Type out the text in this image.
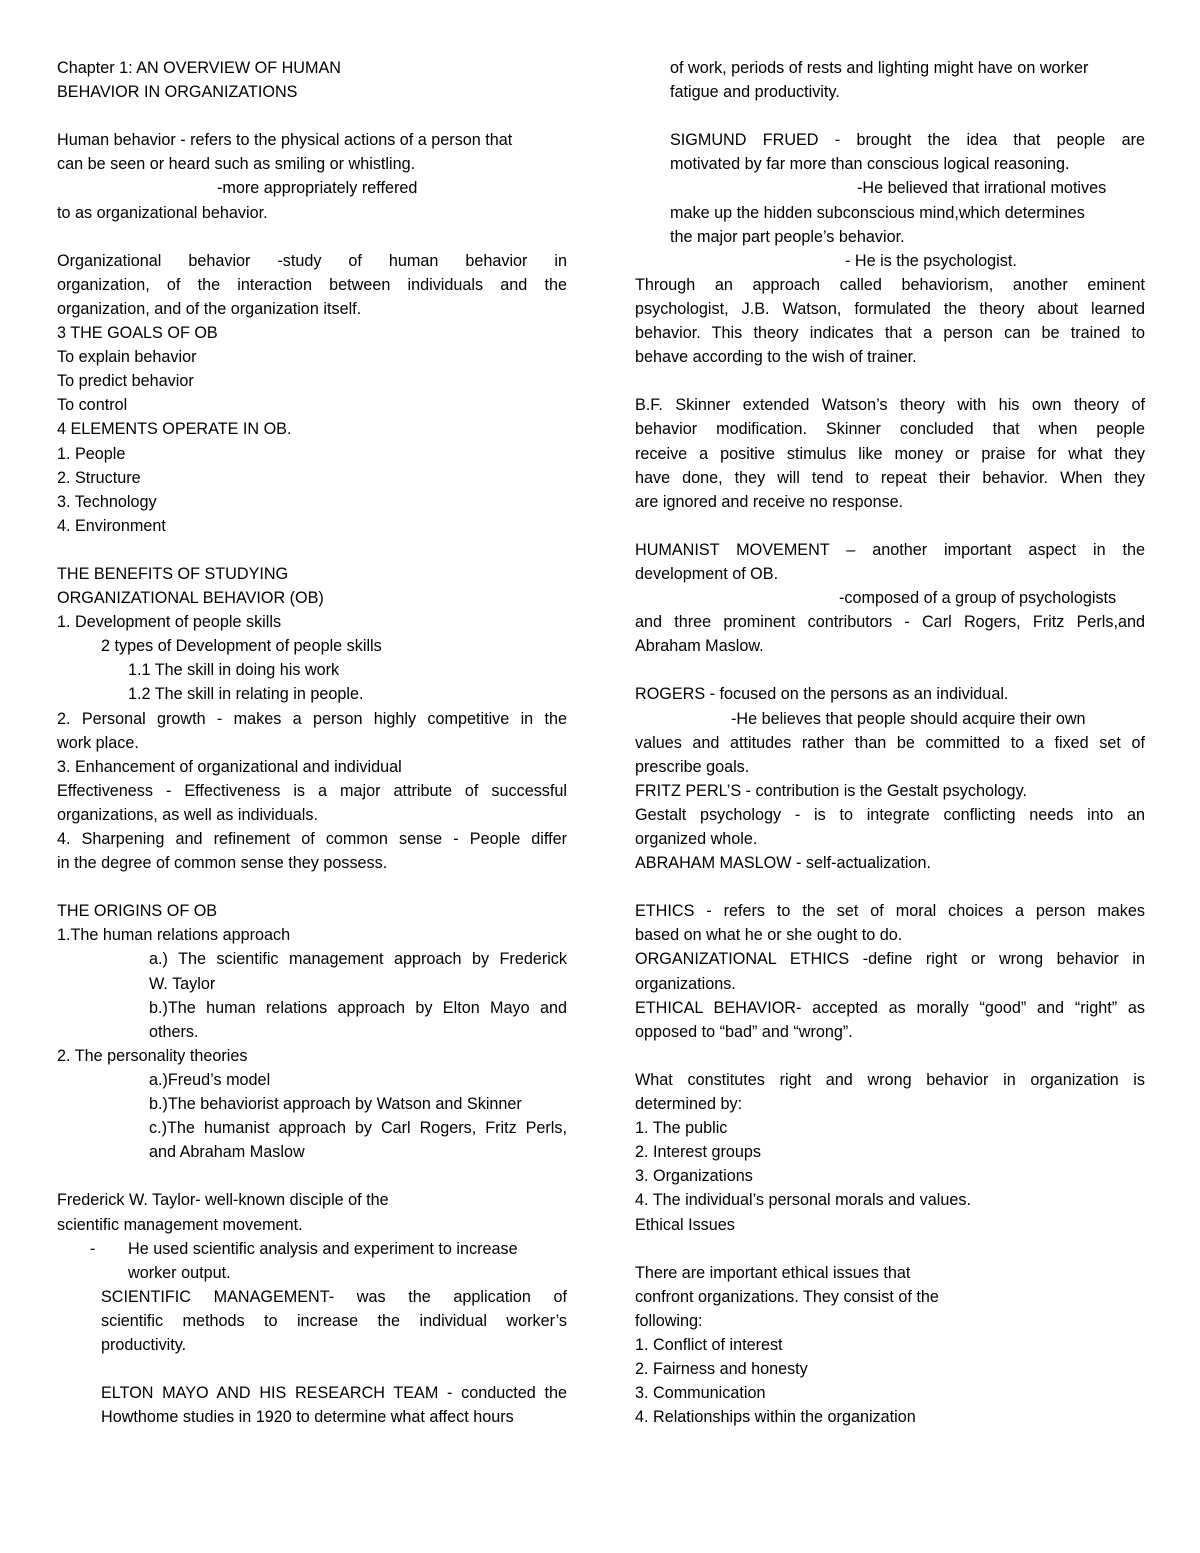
Chapter 1: AN OVERVIEW OF HUMAN
BEHAVIOR IN ORGANIZATIONS
Human behavior - refers to the physical actions of a person that
can be seen or heard such as smiling or whistling.
-more appropriately reffered
to as organizational behavior.
Organizational behavior -study of human behavior in
organization, of the interaction between individuals and the
organization, and of the organization itself.
3 THE GOALS OF OB
To explain behavior
To predict behavior
To control
4 ELEMENTS OPERATE IN OB.
1. People
2. Structure
3. Technology
4. Environment
THE BENEFITS OF STUDYING
ORGANIZATIONAL BEHAVIOR (OB)
1. Development of people skills
2 types of Development of people skills
1.1 The skill in doing his work
1.2 The skill in relating in people.
2. Personal growth - makes a person highly competitive in the
work place.
3. Enhancement of organizational and individual
Effectiveness - Effectiveness is a major attribute of successful
organizations, as well as individuals.
4. Sharpening and refinement of common sense - People differ
in the degree of common sense they possess.
THE ORIGINS OF OB
1.The human relations approach
a.) The scientific management approach by Frederick
W. Taylor
b.)The human relations approach by Elton Mayo and
others.
2. The personality theories
a.)Freud’s model
b.)The behaviorist approach by Watson and Skinner
c.)The humanist approach by Carl Rogers, Fritz Perls,
and Abraham Maslow
Frederick W. Taylor- well-known disciple of the
scientific management movement.
- He used scientific analysis and experiment to increase
worker output.
SCIENTIFIC MANAGEMENT- was the application of
scientific methods to increase the individual worker’s
productivity.
ELTON MAYO AND HIS RESEARCH TEAM - conducted the
Howthome studies in 1920 to determine what affect hours
of work, periods of rests and lighting might have on worker
fatigue and productivity.
SIGMUND FRUED - brought the idea that people are
motivated by far more than conscious logical reasoning.
-He believed that irrational motives
make up the hidden subconscious mind,which determines
the major part people’s behavior.
- He is the psychologist.
Through an approach called behaviorism, another eminent
psychologist, J.B. Watson, formulated the theory about learned
behavior. This theory indicates that a person can be trained to
behave according to the wish of trainer.
B.F. Skinner extended Watson’s theory with his own theory of
behavior modification. Skinner concluded that when people
receive a positive stimulus like money or praise for what they
have done, they will tend to repeat their behavior. When they
are ignored and receive no response.
HUMANIST MOVEMENT – another important aspect in the
development of OB.
-composed of a group of psychologists
and three prominent contributors - Carl Rogers, Fritz Perls,and
Abraham Maslow.
ROGERS - focused on the persons as an individual.
-He believes that people should acquire their own
values and attitudes rather than be committed to a fixed set of
prescribe goals.
FRITZ PERL’S - contribution is the Gestalt psychology.
Gestalt psychology - is to integrate conflicting needs into an
organized whole.
ABRAHAM MASLOW - self-actualization.
ETHICS - refers to the set of moral choices a person makes
based on what he or she ought to do.
ORGANIZATIONAL ETHICS -define right or wrong behavior in
organizations.
ETHICAL BEHAVIOR- accepted as morally “good” and “right” as
opposed to “bad” and “wrong”.
What constitutes right and wrong behavior in organization is
determined by:
1. The public
2. Interest groups
3. Organizations
4. The individual’s personal morals and values.
Ethical Issues
There are important ethical issues that
confront organizations. They consist of the
following:
1. Conflict of interest
2. Fairness and honesty
3. Communication
4. Relationships within the organization
